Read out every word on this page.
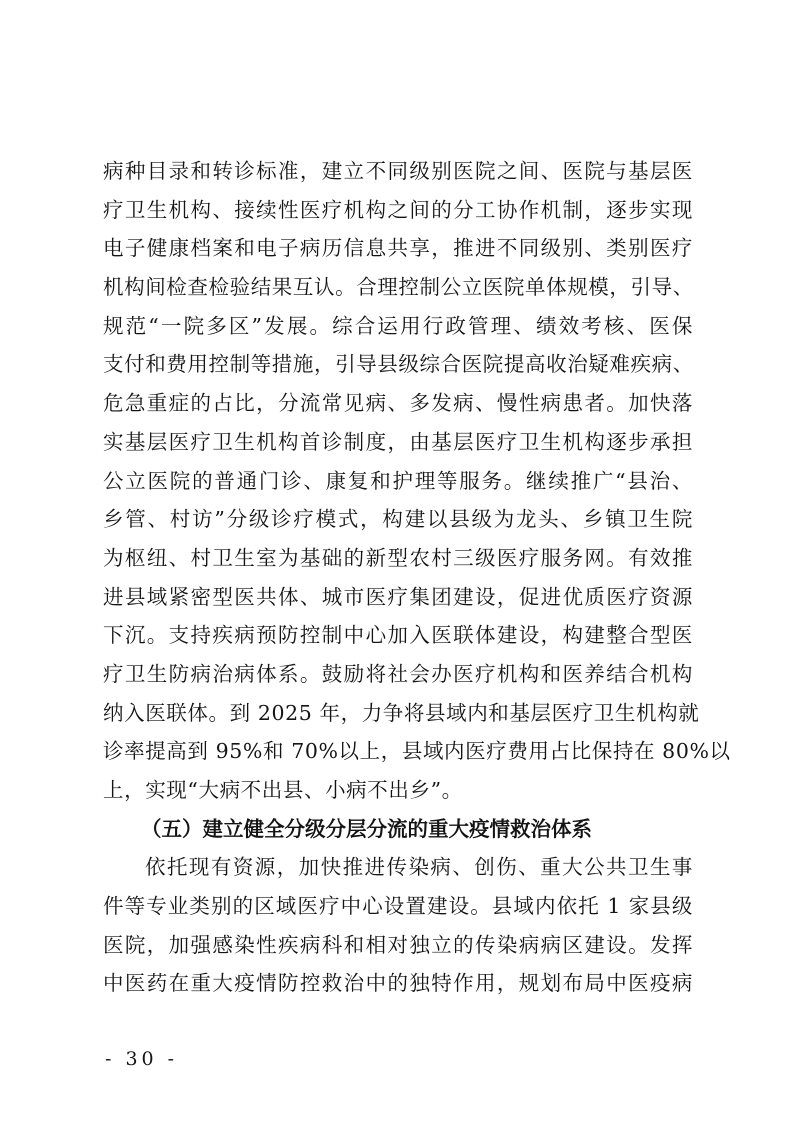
病种目录和转诊标准，建立不同级别医院之间、医院与基层医
疗卫生机构、接续性医疗机构之间的分工协作机制，逐步实现
电子健康档案和电子病历信息共享，推进不同级别、类别医疗
机构间检查检验结果互认。合理控制公立医院单体规模，引导、
规范“一院多区”发展。综合运用行政管理、绩效考核、医保
支付和费用控制等措施，引导县级综合医院提高收治疑难疾病、
危急重症的占比，分流常见病、多发病、慢性病患者。加快落
实基层医疗卫生机构首诊制度，由基层医疗卫生机构逐步承担
公立医院的普通门诊、康复和护理等服务。继续推广“县治、
乡管、村访”分级诊疗模式，构建以县级为龙头、乡镇卫生院
为枢纽、村卫生室为基础的新型农村三级医疗服务网。有效推
进县域紧密型医共体、城市医疗集团建设，促进优质医疗资源
下沉。支持疾病预防控制中心加入医联体建设，构建整合型医
疗卫生防病治病体系。鼓励将社会办医疗机构和医养结合机构
纳入医联体。到 2025 年，力争将县域内和基层医疗卫生机构就
诊率提高到 95%和 70%以上，县域内医疗费用占比保持在 80%以
上，实现“大病不出县、小病不出乡”。
（五）建立健全分级分层分流的重大疫情救治体系
依托现有资源，加快推进传染病、创伤、重大公共卫生事
件等专业类别的区域医疗中心设置建设。县域内依托 1 家县级
医院，加强感染性疾病科和相对独立的传染病病区建设。发挥
中医药在重大疫情防控救治中的独特作用，规划布局中医疫病
- 30 -
